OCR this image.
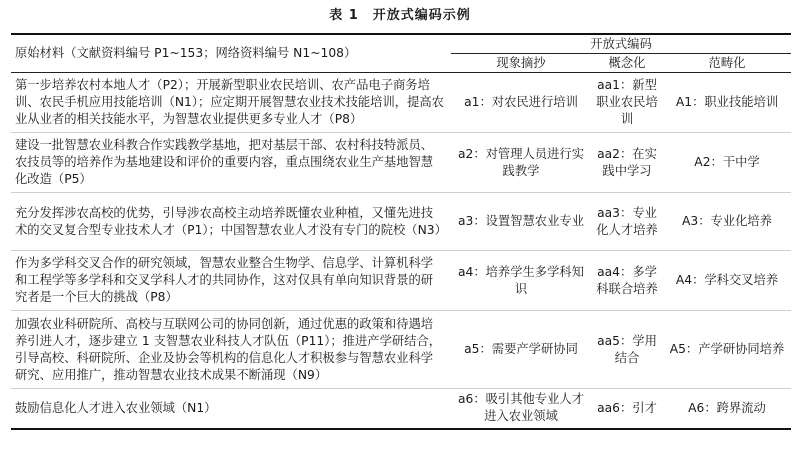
表 1　开放式编码示例
原始材料（文献资料编号 P1~153；网络资料编号 N1~108）	开放式编码		
	现象摘抄	概念化	范畴化
第一步培养农村本地人才（P2）；开展新型职业农民培训、农产品电子商务培训、农民手机应用技能培训（N1）；应定期开展智慧农业技术技能培训，提高农业从业者的相关技能水平，为智慧农业提供更多专业人才（P8）	a1：对农民进行培训	aa1：新型职业农民培训	A1：职业技能培训
建设一批智慧农业科教合作实践教学基地，把对基层干部、农村科技特派员、农技员等的培养作为基地建设和评价的重要内容，重点围绕农业生产基地智慧化改造（P5）	a2：对管理人员进行实践教学	aa2：在实践中学习	A2：干中学
充分发挥涉农高校的优势，引导涉农高校主动培养既懂农业种植，又懂先进技术的交叉复合型专业技术人才（P1）；中国智慧农业人才没有专门的院校（N3）	a3：设置智慧农业专业	aa3：专业化人才培养	A3：专业化培养
作为多学科交叉合作的研究领域，智慧农业整合生物学、信息学、计算机科学和工程学等多学科和交叉学科人才的共同协作，这对仅具有单向知识背景的研究者是一个巨大的挑战（P8）	a4：培养学生多学科知识	aa4：多学科联合培养	A4：学科交叉培养
加强农业科研院所、高校与互联网公司的协同创新，通过优惠的政策和待遇培养引进人才，逐步建立 1 支智慧农业科技人才队伍（P11）；推进产学研结合，引导高校、科研院所、企业及协会等机构的信息化人才积极参与智慧农业科学研究、应用推广，推动智慧农业技术成果不断涌现（N9）	a5：需要产学研协同	aa5：学用结合	A5：产学研协同培养
鼓励信息化人才进入农业领域（N1）	a6：吸引其他专业人才进入农业领域	aa6：引才	A6：跨界流动
